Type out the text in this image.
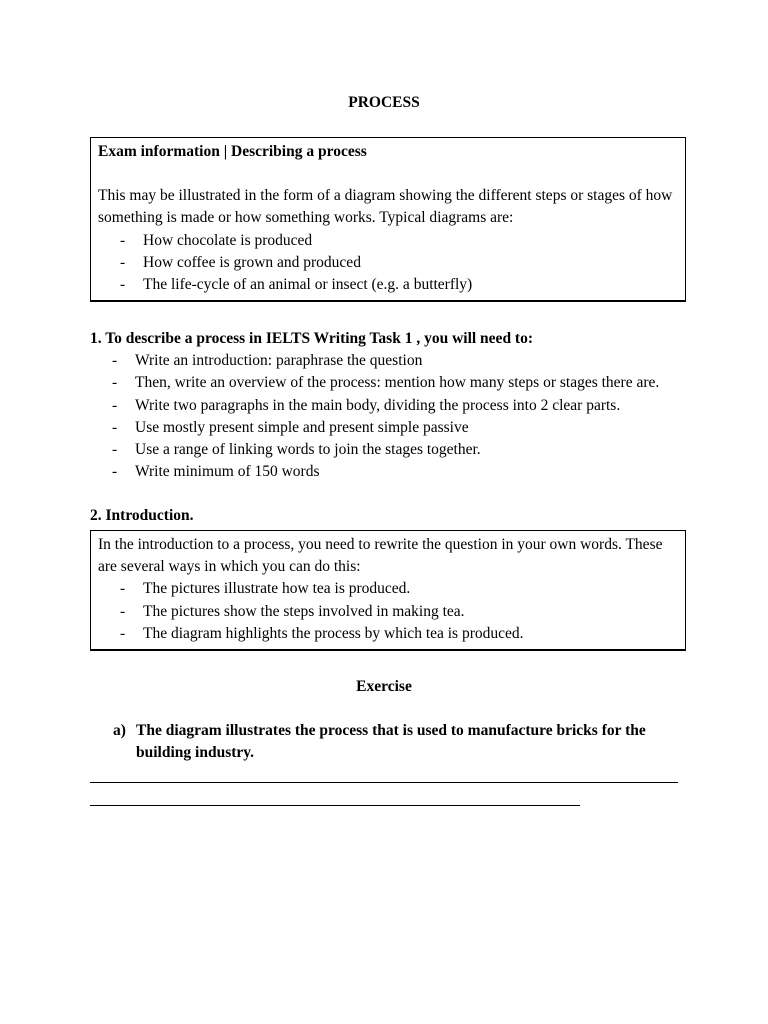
PROCESS

Exam information | Describing a process

This may be illustrated in the form of a diagram showing the different steps or stages of how something is made or how something works. Typical diagrams are:

- How chocolate is produced
- How coffee is grown and produced
- The life-cycle of an animal or insect (e.g. a butterfly)

1. To describe a process in IELTS Writing Task 1 , you will need to:

- Write an introduction: paraphrase the question
- Then, write an overview of the process: mention how many steps or stages there are.
- Write two paragraphs in the main body, dividing the process into 2 clear parts.
- Use mostly present simple and present simple passive
- Use a range of linking words to join the stages together.
- Write minimum of 150 words

2. Introduction.

In the introduction to a process, you need to rewrite the question in your own words. These are several ways in which you can do this:

- The pictures illustrate how tea is produced.
- The pictures show the steps involved in making tea.
- The diagram highlights the process by which tea is produced.
Exercise
a) The diagram illustrates the process that is used to manufacture bricks for the building industry.
